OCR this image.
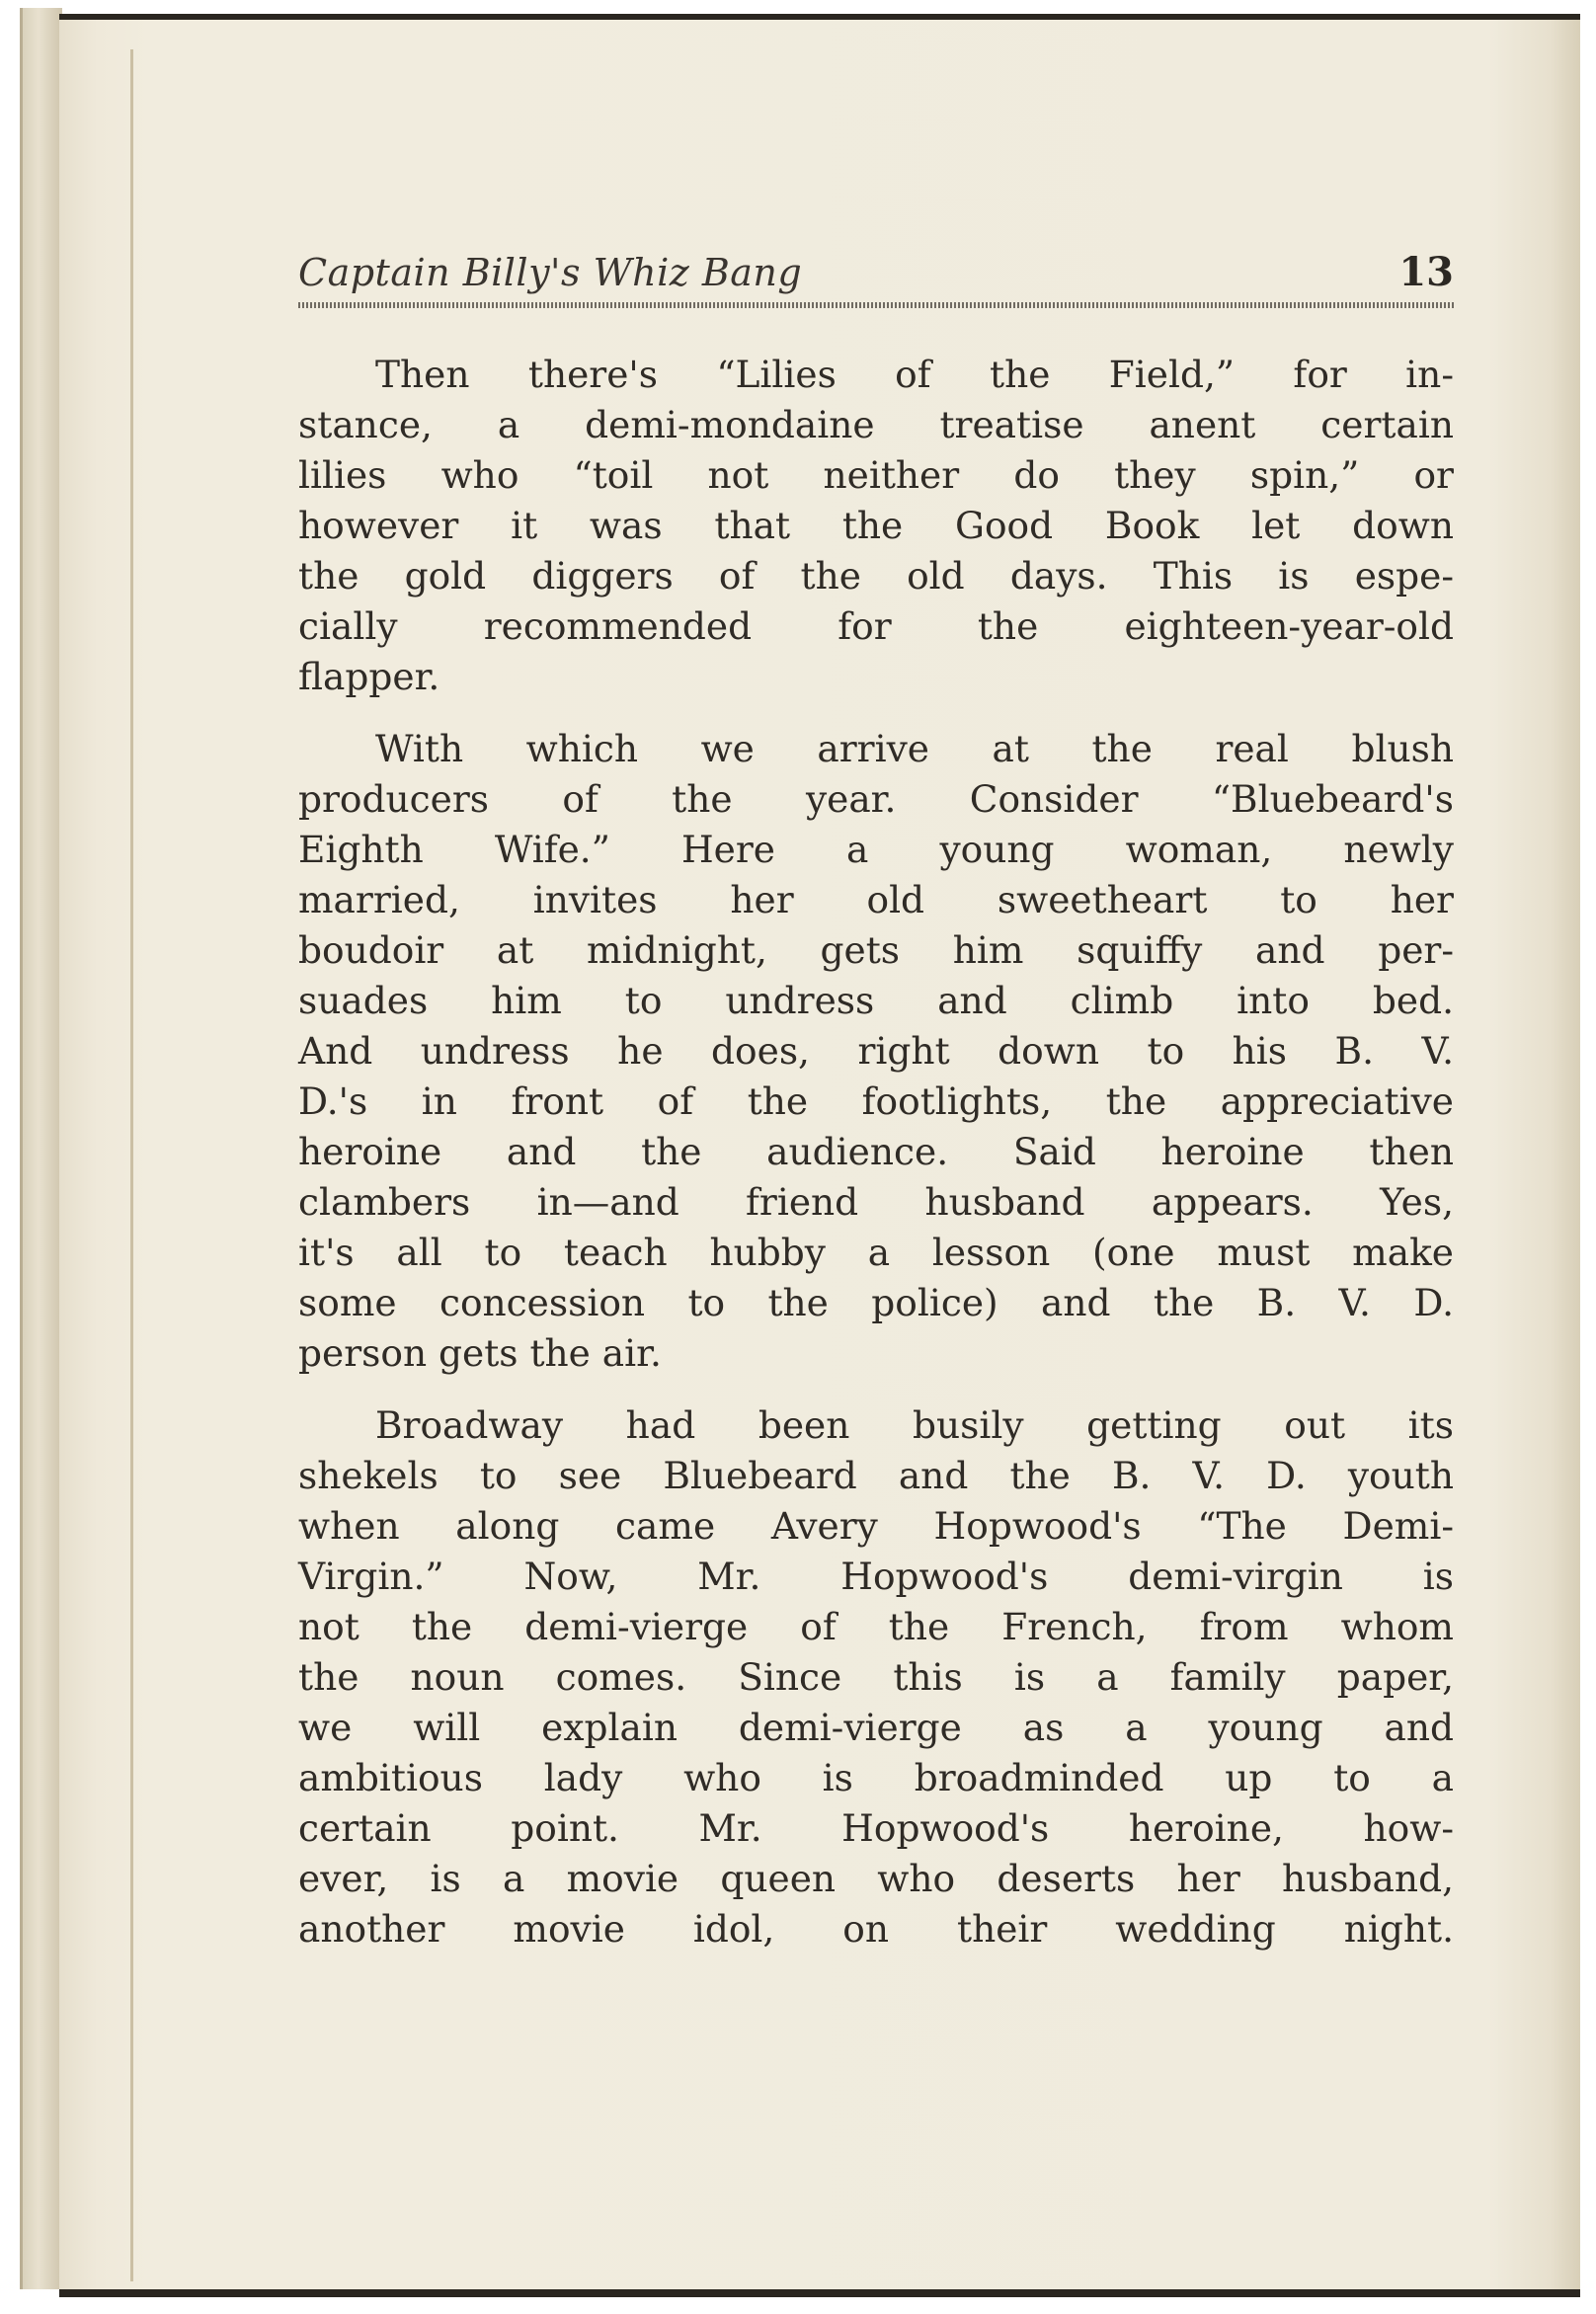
Captain Billy's Whiz Bang	13

Then there's “Lilies of the Field,” for in-
stance, a demi-mondaine treatise anent certain
lilies who “toil not neither do they spin,” or
however it was that the Good Book let down
the gold diggers of the old days. This is espe-
cially recommended for the eighteen-year-old
flapper.

With which we arrive at the real blush
producers of the year. Consider “Bluebeard's
Eighth Wife.” Here a young woman, newly
married, invites her old sweetheart to her
boudoir at midnight, gets him squiffy and per-
suades him to undress and climb into bed.
And undress he does, right down to his B. V.
D.'s in front of the footlights, the appreciative
heroine and the audience. Said heroine then
clambers in—and friend husband appears. Yes,
it's all to teach hubby a lesson (one must make
some concession to the police) and the B. V. D.
person gets the air.

Broadway had been busily getting out its
shekels to see Bluebeard and the B. V. D. youth
when along came Avery Hopwood's “The Demi-
Virgin.” Now, Mr. Hopwood's demi-virgin is
not the demi-vierge of the French, from whom
the noun comes. Since this is a family paper,
we will explain demi-vierge as a young and
ambitious lady who is broadminded up to a
certain point. Mr. Hopwood's heroine, how-
ever, is a movie queen who deserts her husband,
another movie idol, on their wedding night.
